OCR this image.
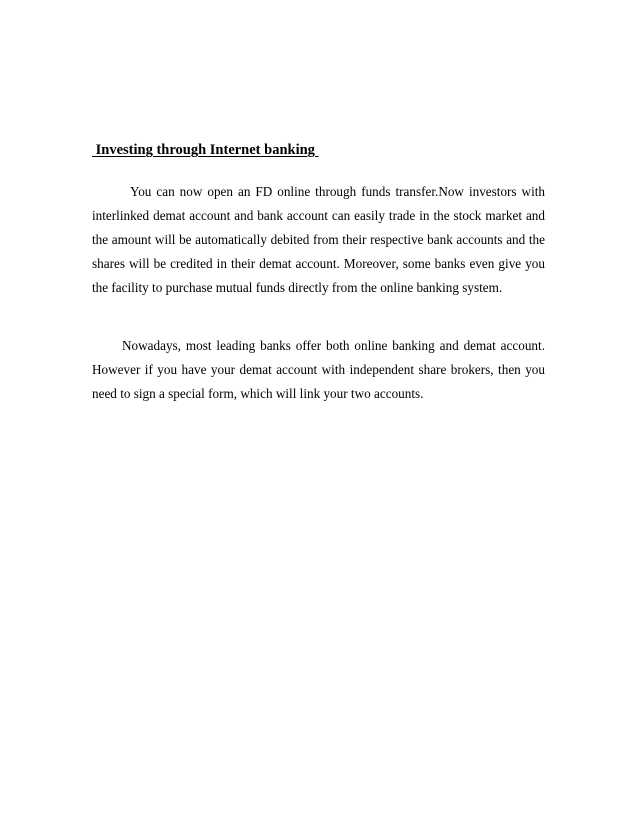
Investing through Internet banking

You can now open an FD online through funds transfer.Now investors with interlinked demat account and bank account can easily trade in the stock market and the amount will be automatically debited from their respective bank accounts and the shares will be credited in their demat account. Moreover, some banks even give you the facility to purchase mutual funds directly from the online banking system.

Nowadays, most leading banks offer both online banking and demat account. However if you have your demat account with independent share brokers, then you need to sign a special form, which will link your two accounts.
